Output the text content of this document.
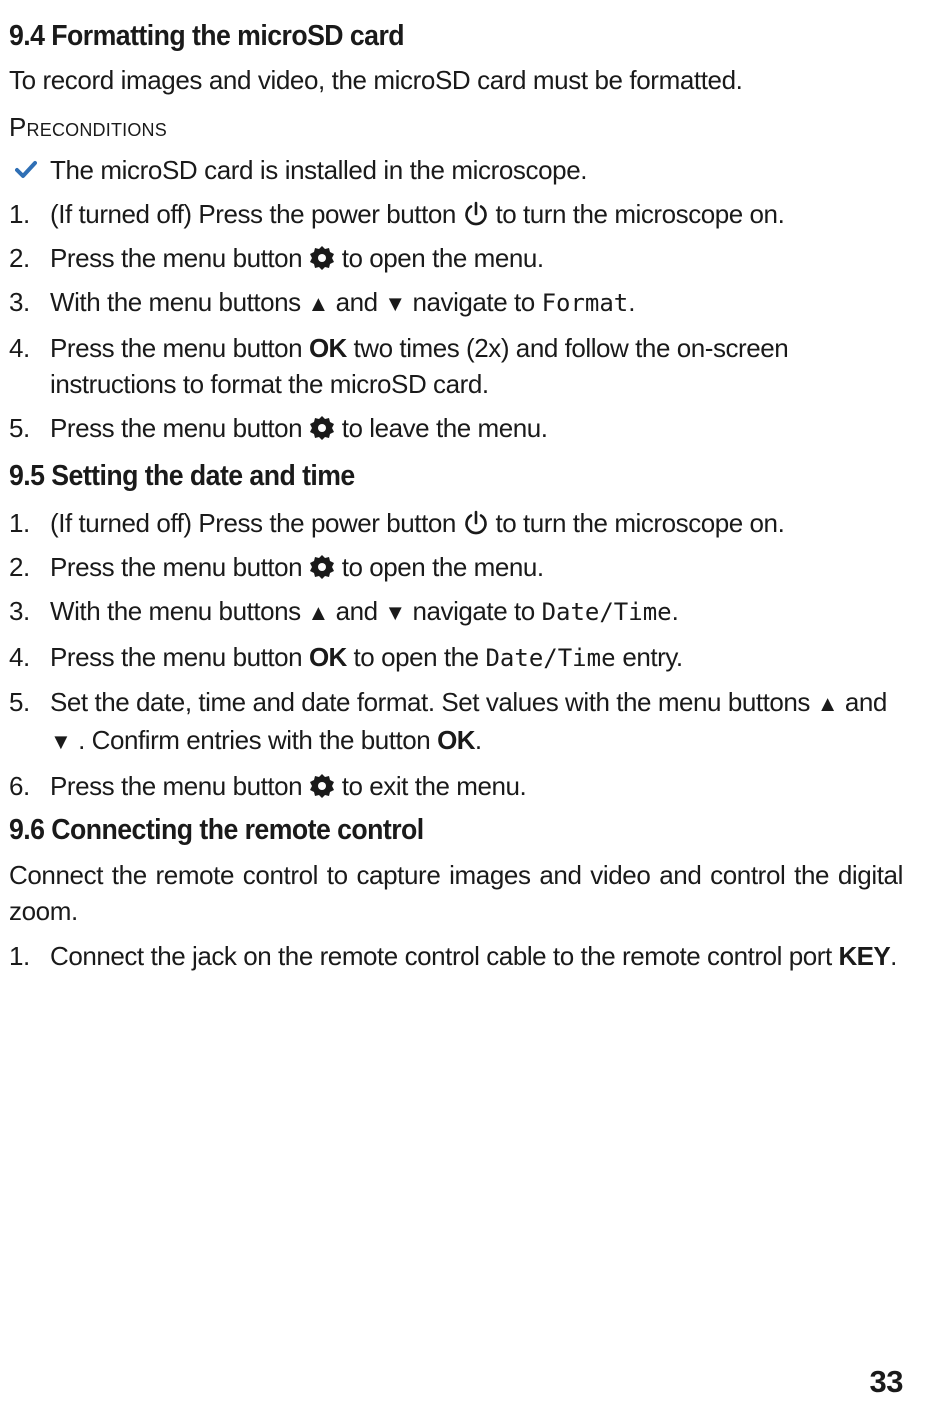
9.4 Formatting the microSD card

To record images and video, the microSD card must be formatted.

Preconditions
The microSD card is installed in the microscope.
1. (If turned off) Press the power button to turn the microscope on.
2. Press the menu button to open the menu.
3. With the menu buttons ▲ and ▼ navigate to Format.
4. Press the menu button OK two times (2x) and follow the on-screen instructions to format the microSD card.
5. Press the menu button to leave the menu.
9.5 Setting the date and time
1. (If turned off) Press the power button to turn the microscope on.
2. Press the menu button to open the menu.
3. With the menu buttons ▲ and ▼ navigate to Date/Time.
4. Press the menu button OK to open the Date/Time entry.
5. Set the date, time and date format. Set values with the menu buttons ▲ and ▼ . Confirm entries with the button OK.
6. Press the menu button to exit the menu.
9.6 Connecting the remote control

Connect the remote control to capture images and video and control the digital zoom.

1. Connect the jack on the remote control cable to the remote control port KEY.
33
